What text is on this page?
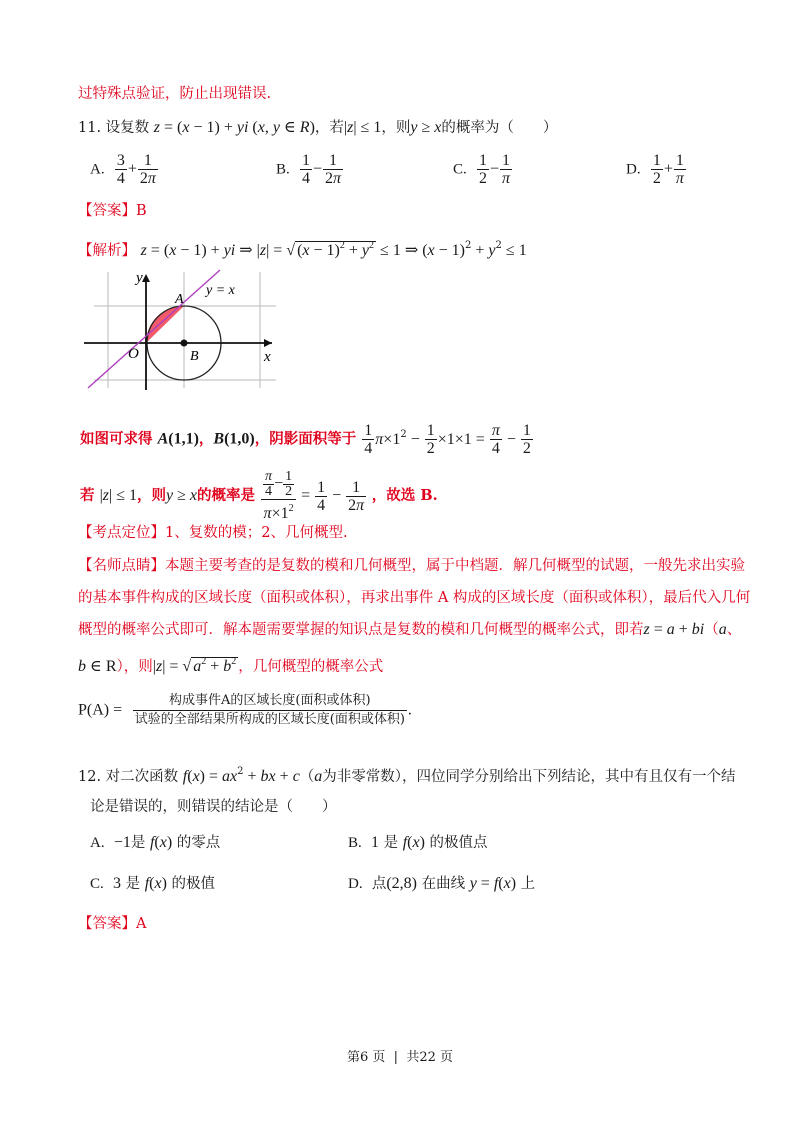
过特殊点验证，防止出现错误.
11. 设复数 z = (x − 1) + yi (x, y ∈ R)，若|z| ≤ 1，则y ≥ x的概率为（　　）
A. $\frac{3}{4} + \frac{1}{2\pi}$	B. $\frac{1}{4} - \frac{1}{2\pi}$	C. $\frac{1}{2} - \frac{1}{\pi}$	D. $\frac{1}{2} + \frac{1}{\pi}$
【答案】B
【解析】 z = (x − 1) + yi ⇒ |z| = √ $(x - 1)^2 + y^2 \le 1$ ⇒ $(x - 1)^2 + y^2 \le 1$
y
x
A
B
O
y = x
如图可求得 A(1,1)，B(1,0)，阴影面积等于 $\frac{1}{4} \pi\times 1^2 - \frac{1}{2} \times 1\times 1 = \frac{\pi}{4} - \frac{1}{2}$
若 |z| ≤ 1，则y ≥ x的概率是 $\frac{\frac{\pi}{4} - \frac{1}{2}}{\pi\times 1^2} = \frac{1}{4} - \frac{1}{2\pi}$ ，故选 B.
【考点定位】1、复数的模；2、几何概型.
【名师点睛】本题主要考查的是复数的模和几何概型，属于中档题．解几何概型的试题，一般先求出实验
的基本事件构成的区域长度（面积或体积），再求出事件 A 构成的区域长度（面积或体积），最后代入几何
概型的概率公式即可．解本题需要掌握的知识点是复数的模和几何概型的概率公式，即若z = a + bi（a、
b ∈ R），则|z| = √ $a^2 + b^2$ ，几何概型的概率公式
$P(A) = \frac{\text{构成事件A的区域长度(面积或体积)}}{\text{试验的全部结果所构成的区域长度(面积或体积)}}$ .
12. 对二次函数 $f(x) = ax^2$ + bx + c（a为非零常数），四位同学分别给出下列结论，其中有且仅有一个结
论是错误的，则错误的结论是（　　）
A. −1是 f(x) 的零点	B. 1 是 f(x) 的极值点
C. 3 是 f(x) 的极值	D. 点(2,8) 在曲线 y = f(x) 上
【答案】A
第6 页 | 共22 页
